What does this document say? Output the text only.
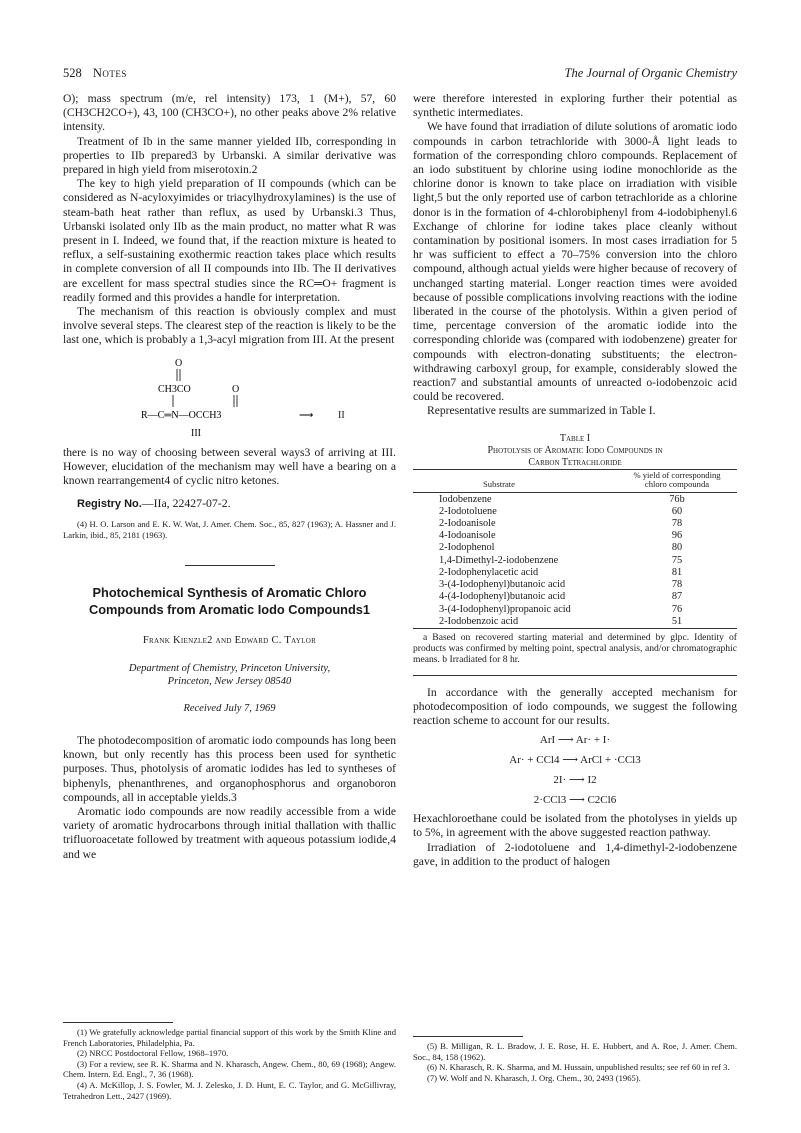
528 Notes	The Journal of Organic Chemistry

O); mass spectrum (m/e, rel intensity) 173, 1 (M+), 57, 60 (CH3CH2CO+), 43, 100 (CH3CO+), no other peaks above 2% relative intensity.

Treatment of Ib in the same manner yielded IIb, corresponding in properties to IIb prepared3 by Urbanski. A similar derivative was prepared in high yield from miserotoxin.2

The key to high yield preparation of II compounds (which can be considered as N-acyloxyimides or triacylhydroxylamines) is the use of steam-bath heat rather than reflux, as used by Urbanski.3 Thus, Urbanski isolated only IIb as the main product, no matter what R was present in I. Indeed, we found that, if the reaction mixture is heated to reflux, a self-sustaining exothermic reaction takes place which results in complete conversion of all II compounds into IIb. The II derivatives are excellent for mass spectral studies since the RC═O+ fragment is readily formed and this provides a handle for interpretation.

The mechanism of this reaction is obviously complex and must involve several steps. The clearest step of the reaction is likely to be the last one, which is probably a 1,3-acyl migration from III. At the present

O
CH3CO	O
R—C═N—OCCH3	⟶
III
II

there is no way of choosing between several ways3 of arriving at III. However, elucidation of the mechanism may well have a bearing on a known rearrangement4 of cyclic nitro ketones.

Registry No.—IIa, 22427-07-2.

(4) H. O. Larson and E. K. W. Wat, J. Amer. Chem. Soc., 85, 827 (1963); A. Hassner and J. Larkin, ibid., 85, 2181 (1963).
Photochemical Synthesis of Aromatic Chloro
Compounds from Aromatic Iodo Compounds1
Frank Kienzle2 and Edward C. Taylor
Department of Chemistry, Princeton University,
Princeton, New Jersey 08540
Received July 7, 1969

The photodecomposition of aromatic iodo compounds has long been known, but only recently has this process been used for synthetic purposes. Thus, photolysis of aromatic iodides has led to syntheses of biphenyls, phenanthrenes, and organophosphorus and organoboron compounds, all in acceptable yields.3

Aromatic iodo compounds are now readily accessible from a wide variety of aromatic hydrocarbons through initial thallation with thallic trifluoroacetate followed by treatment with aqueous potassium iodide,4 and we

(1) We gratefully acknowledge partial financial support of this work by the Smith Kline and French Laboratories, Philadelphia, Pa.
(2) NRCC Postdoctoral Fellow, 1968–1970.
(3) For a review, see R. K. Sharma and N. Kharasch, Angew. Chem., 80, 69 (1968); Angew. Chem. Intern. Ed. Engl., 7, 36 (1968).
(4) A. McKillop, J. S. Fowler, M. J. Zelesko, J. D. Hunt, E. C. Taylor, and G. McGillivray, Tetrahedron Lett., 2427 (1969).

were therefore interested in exploring further their potential as synthetic intermediates.

We have found that irradiation of dilute solutions of aromatic iodo compounds in carbon tetrachloride with 3000-Å light leads to formation of the corresponding chloro compounds. Replacement of an iodo substituent by chlorine using iodine monochloride as the chlorine donor is known to take place on irradiation with visible light,5 but the only reported use of carbon tetrachloride as a chlorine donor is in the formation of 4-chlorobiphenyl from 4-iodobiphenyl.6 Exchange of chlorine for iodine takes place cleanly without contamination by positional isomers. In most cases irradiation for 5 hr was sufficient to effect a 70–75% conversion into the chloro compound, although actual yields were higher because of recovery of unchanged starting material. Longer reaction times were avoided because of possible complications involving reactions with the iodine liberated in the course of the photolysis. Within a given period of time, percentage conversion of the aromatic iodide into the corresponding chloride was (compared with iodobenzene) greater for compounds with electron-donating substituents; the electron-withdrawing carboxyl group, for example, considerably slowed the reaction7 and substantial amounts of unreacted o-iodobenzoic acid could be recovered.

Representative results are summarized in Table I.

Table I
Photolysis of Aromatic Iodo Compounds in
Carbon Tetrachloride

Substrate	% yield of corresponding
chloro compounda

Iodobenzene	76b
2-Iodotoluene	60
2-Iodoanisole	78
4-Iodoanisole	96
2-Iodophenol	80
1,4-Dimethyl-2-iodobenzene	75
2-Iodophenylacetic acid	81
3-(4-Iodophenyl)butanoic acid	78
4-(4-Iodophenyl)butanoic acid	87
3-(4-Iodophenyl)propanoic acid	76
2-Iodobenzoic acid	51

a Based on recovered starting material and determined by glpc. Identity of products was confirmed by melting point, spectral analysis, and/or chromatographic means. b Irradiated for 8 hr.

In accordance with the generally accepted mechanism for photodecomposition of iodo compounds, we suggest the following reaction scheme to account for our results.

ArI ⟶ Ar· + I·
Ar· + CCl4 ⟶ ArCl + ·CCl3
2I· ⟶ I2
2·CCl3 ⟶ C2Cl6

Hexachloroethane could be isolated from the photolyses in yields up to 5%, in agreement with the above suggested reaction pathway.

Irradiation of 2-iodotoluene and 1,4-dimethyl-2-iodobenzene gave, in addition to the product of halogen

(5) B. Milligan, R. L. Bradow, J. E. Rose, H. E. Hubbert, and A. Roe, J. Amer. Chem. Soc., 84, 158 (1962).
(6) N. Kharasch, R. K. Sharma, and M. Hussain, unpublished results; see ref 60 in ref 3.
(7) W. Wolf and N. Kharasch, J. Org. Chem., 30, 2493 (1965).
